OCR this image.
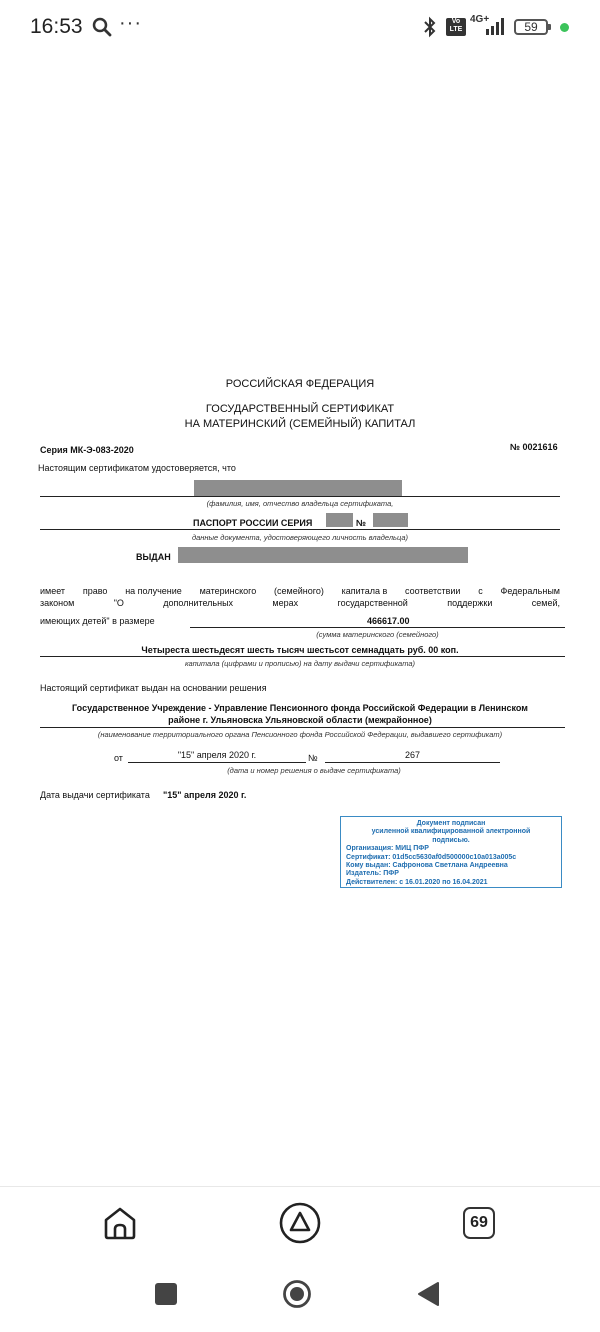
16:53 ···	Vo LTE
4G+
59
РОССИЙСКАЯ ФЕДЕРАЦИЯ
ГОСУДАРСТВЕННЫЙ СЕРТИФИКАТ
НА МАТЕРИНСКИЙ (СЕМЕЙНЫЙ) КАПИТАЛ
Серия МК-Э-083-2020	№ 0021616
Настоящим сертификатом удостоверяется, что
(фамилия, имя, отчество владельца сертификата,
ПАСПОРТ РОССИИ СЕРИЯ	№
данные документа, удостоверяющего личность владельца)
ВЫДАН
имеет право на получение материнского (семейного) капитала в соответствии с Федеральным
законом	"О	дополнительных	мерах	государственной	поддержки	семей,
имеющих детей" в размере	466617.00
(сумма материнского (семейного)
Четыреста шестьдесят шесть тысяч шестьсот семнадцать руб. 00 коп.
капитала (цифрами и прописью) на дату выдачи сертификата)
Настоящий сертификат выдан на основании решения
Государственное Учреждение - Управление Пенсионного фонда Российской Федерации в Ленинском
районе г. Ульяновска Ульяновской области (межрайонное)
(наименование территориального органа Пенсионного фонда Российской Федерации, выдавшего сертификат)
от	"15" апреля 2020 г.	№	267
(дата и номер решения о выдаче сертификата)
Дата выдачи сертификата "15" апреля 2020 г.
Документ подписан
усиленной квалифицированной электронной
подписью.
Организация: МИЦ ПФР
Сертификат: 01d5cc5630af0d500000c10a013a005c
Кому выдан: Сафронова Светлана Андреевна
Издатель: ПФР
Действителен: с 16.01.2020 по 16.04.2021
69
